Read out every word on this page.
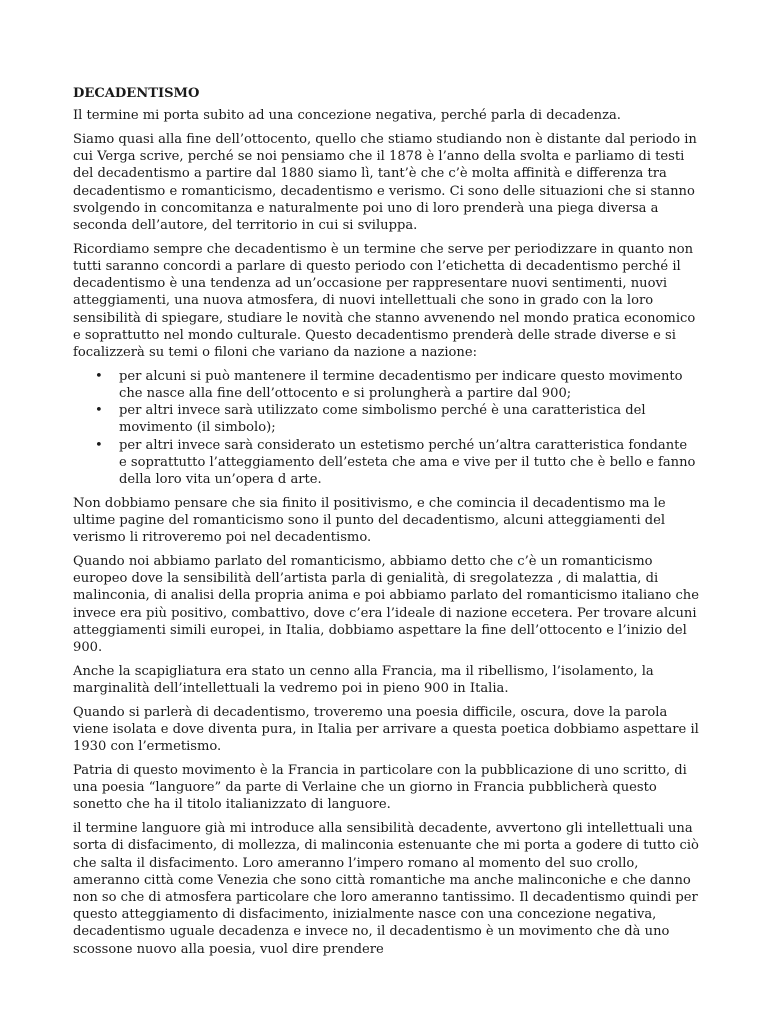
DECADENTISMO

Il termine mi porta subito ad una concezione negativa, perché parla di decadenza.

Siamo quasi alla fine dell’ottocento, quello che stiamo studiando non è distante dal periodo in cui Verga scrive, perché se noi pensiamo che il 1878 è l’anno della svolta e parliamo di testi del decadentismo a partire dal 1880 siamo lì, tant’è che c’è molta affinità e differenza tra decadentismo e romanticismo, decadentismo e verismo. Ci sono delle situazioni che si stanno svolgendo in concomitanza e naturalmente poi uno di loro prenderà una piega diversa a seconda dell’autore, del territorio in cui si sviluppa.

Ricordiamo sempre che decadentismo è un termine che serve per periodizzare in quanto non tutti saranno concordi a parlare di questo periodo con l’etichetta di decadentismo perché il decadentismo è una tendenza ad un’occasione per rappresentare nuovi sentimenti, nuovi atteggiamenti, una nuova atmosfera, di nuovi intellettuali che sono in grado con la loro sensibilità di spiegare, studiare le novità che stanno avvenendo nel mondo pratica economico e soprattutto nel mondo culturale. Questo decadentismo prenderà delle strade diverse e si focalizzerà su temi o filoni che variano da nazione a nazione:

• per alcuni si può mantenere il termine decadentismo per indicare questo movimento che nasce alla fine dell’ottocento e si prolungherà a partire dal 900;
• per altri invece sarà utilizzato come simbolismo perché è una caratteristica del movimento (il simbolo);
• per altri invece sarà considerato un estetismo perché un’altra caratteristica fondante e soprattutto l’atteggiamento dell’esteta che ama e vive per il tutto che è bello e fanno della loro vita un’opera d arte.

Non dobbiamo pensare che sia finito il positivismo, e che comincia il decadentismo ma le ultime pagine del romanticismo sono il punto del decadentismo, alcuni atteggiamenti del verismo li ritroveremo poi nel decadentismo.

Quando noi abbiamo parlato del romanticismo, abbiamo detto che c’è un romanticismo europeo dove la sensibilità dell’artista parla di genialità, di sregolatezza , di malattia, di malinconia, di analisi della propria anima e poi abbiamo parlato del romanticismo italiano che invece era più positivo, combattivo, dove c’era l’ideale di nazione eccetera. Per trovare alcuni atteggiamenti simili europei, in Italia, dobbiamo aspettare la fine dell’ottocento e l’inizio del 900.

Anche la scapigliatura era stato un cenno alla Francia, ma il ribellismo, l’isolamento, la marginalità dell’intellettuali la vedremo poi in pieno 900 in Italia.

Quando si parlerà di decadentismo, troveremo una poesia difficile, oscura, dove la parola viene isolata e dove diventa pura, in Italia per arrivare a questa poetica dobbiamo aspettare il 1930 con l’ermetismo.

Patria di questo movimento è la Francia in particolare con la pubblicazione di uno scritto, di una poesia “languore” da parte di Verlaine che un giorno in Francia pubblicherà questo sonetto che ha il titolo italianizzato di languore.

il termine languore già mi introduce alla sensibilità decadente, avvertono gli intellettuali una sorta di disfacimento, di mollezza, di malinconia estenuante che mi porta a godere di tutto ciò che salta il disfacimento. Loro ameranno l’impero romano al momento del suo crollo, ameranno città come Venezia che sono città romantiche ma anche malinconiche e che danno non so che di atmosfera particolare che loro ameranno tantissimo. Il decadentismo quindi per questo atteggiamento di disfacimento, inizialmente nasce con una concezione negativa, decadentismo uguale decadenza e invece no, il decadentismo è un movimento che dà uno scossone nuovo alla poesia, vuol dire prendere
